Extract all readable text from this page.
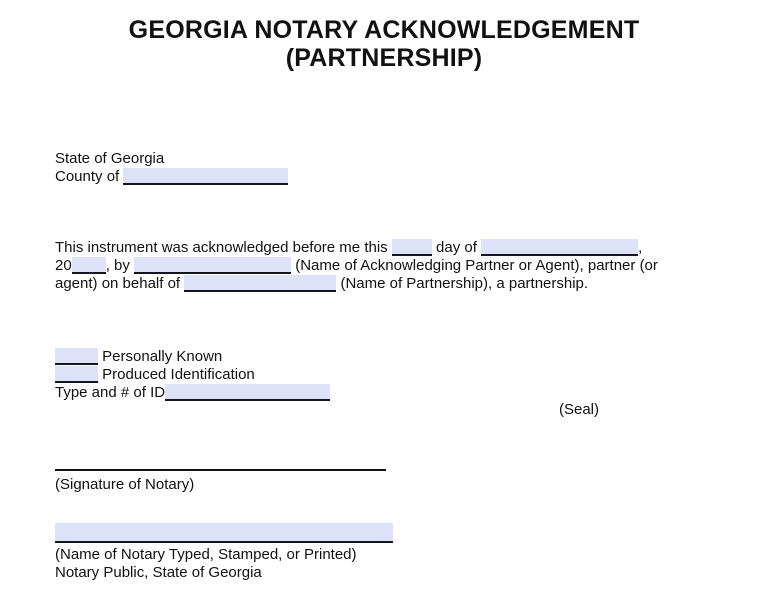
GEORGIA NOTARY ACKNOWLEDGEMENT
(PARTNERSHIP)
State of Georgia
County of
This instrument was acknowledged before me this	day of	,
20 , by	(Name of Acknowledging Partner or Agent), partner (or
agent) on behalf of	(Name of Partnership), a partnership.
Personally Known
Produced Identification
Type and # of ID
(Seal)
(Signature of Notary)
(Name of Notary Typed, Stamped, or Printed)
Notary Public, State of Georgia
